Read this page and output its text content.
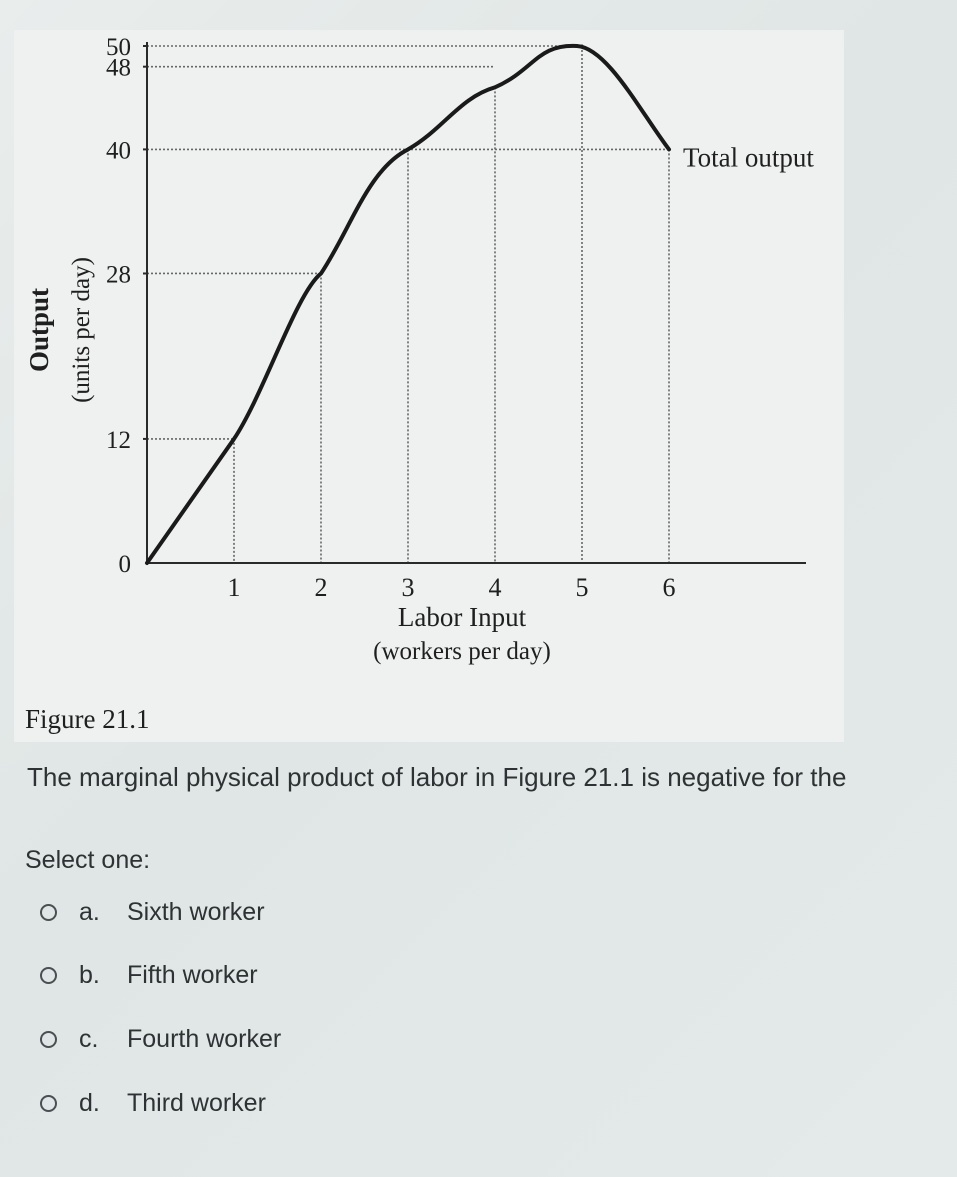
0
12
28
40
48
50
1	2	3	4	5	6
Total output
Output (units per day)
Labor Input
(workers per day)

Figure 21.1

The marginal physical product of labor in Figure 21.1 is negative for the

Select one:

a.	Sixth worker
b.	Fifth worker
c.	Fourth worker
d.	Third worker
